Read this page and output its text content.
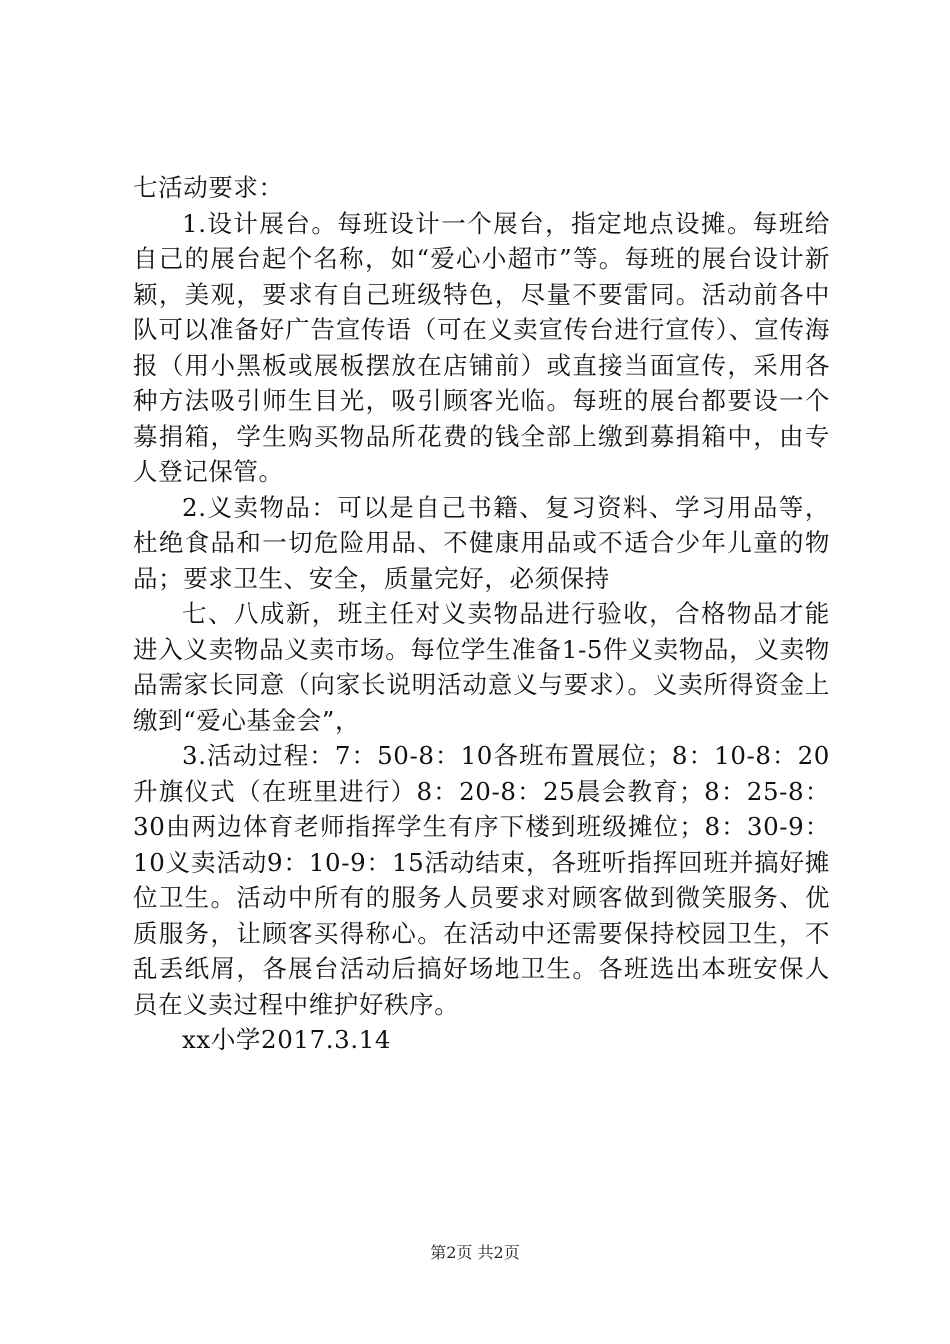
七活动要求：

1.设计展台。每班设计一个展台，指定地点设摊。每班给自己的展台起个名称，如“爱心小超市”等。每班的展台设计新颖，美观，要求有自己班级特色，尽量不要雷同。活动前各中队可以准备好广告宣传语（可在义卖宣传台进行宣传）、宣传海报（用小黑板或展板摆放在店铺前）或直接当面宣传，采用各种方法吸引师生目光，吸引顾客光临。每班的展台都要设一个募捐箱，学生购买物品所花费的钱全部上缴到募捐箱中，由专人登记保管。

2.义卖物品：可以是自己书籍、复习资料、学习用品等，杜绝食品和一切危险用品、不健康用品或不适合少年儿童的物品；要求卫生、安全，质量完好，必须保持

七、八成新，班主任对义卖物品进行验收，合格物品才能进入义卖物品义卖市场。每位学生准备1-5件义卖物品，义卖物品需家长同意（向家长说明活动意义与要求）。义卖所得资金上缴到“爱心基金会”，

3.活动过程：7：50-8：10各班布置展位；8：10-8：20升旗仪式（在班里进行）8：20-8：25晨会教育；8：25-8：30由两边体育老师指挥学生有序下楼到班级摊位；8：30-9：10义卖活动9：10-9：15活动结束，各班听指挥回班并搞好摊位卫生。活动中所有的服务人员要求对顾客做到微笑服务、优质服务，让顾客买得称心。在活动中还需要保持校园卫生，不乱丢纸屑，各展台活动后搞好场地卫生。各班选出本班安保人员在义卖过程中维护好秩序。

xx小学2017.3.14

第2页 共2页
